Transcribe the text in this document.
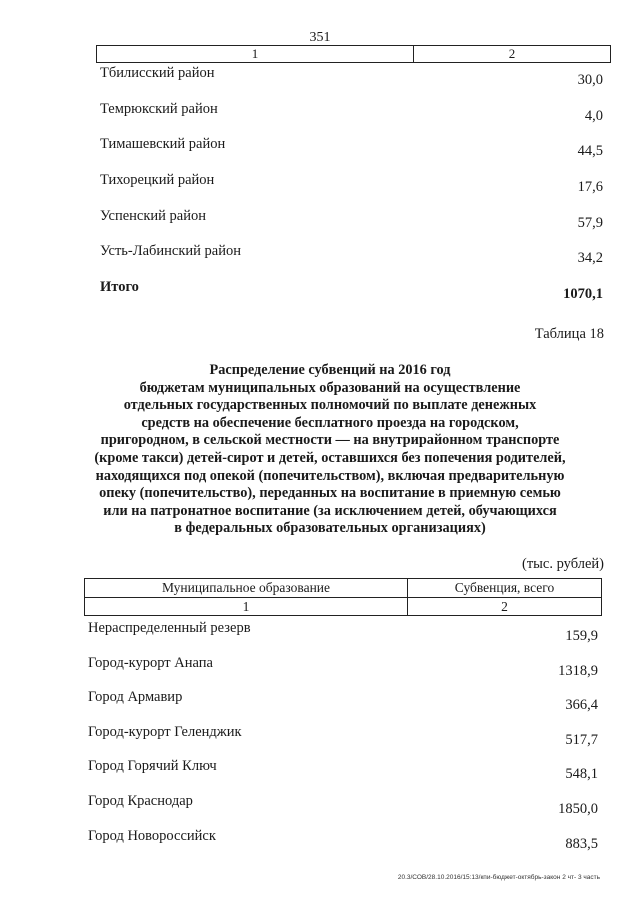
351
1	2
Тбилисский район	30,0
Темрюкский район	4,0
Тимашевский район	44,5
Тихорецкий район	17,6
Успенский район	57,9
Усть-Лабинский район	34,2
Итого	1070,1
Таблица 18
Распределение субвенций на 2016 год
бюджетам муниципальных образований на осуществление
отдельных государственных полномочий по выплате денежных
средств на обеспечение бесплатного проезда на городском,
пригородном, в сельской местности — на внутрирайонном транспорте
(кроме такси) детей-сирот и детей, оставшихся без попечения родителей,
находящихся под опекой (попечительством), включая предварительную
опеку (попечительство), переданных на воспитание в приемную семью
или на патронатное воспитание (за исключением детей, обучающихся
в федеральных образовательных организациях)
(тыс. рублей)
Муниципальное образование	Субвенция, всего
1	2
Нераспределенный резерв	159,9
Город-курорт Анапа	1318,9
Город Армавир	366,4
Город-курорт Геленджик	517,7
Город Горячий Ключ	548,1
Город Краснодар	1850,0
Город Новороссийск	883,5
20.3/СОВ/28.10.2016/15:13/кпи-бюджет-октябрь-закон 2 чт- 3 часть
